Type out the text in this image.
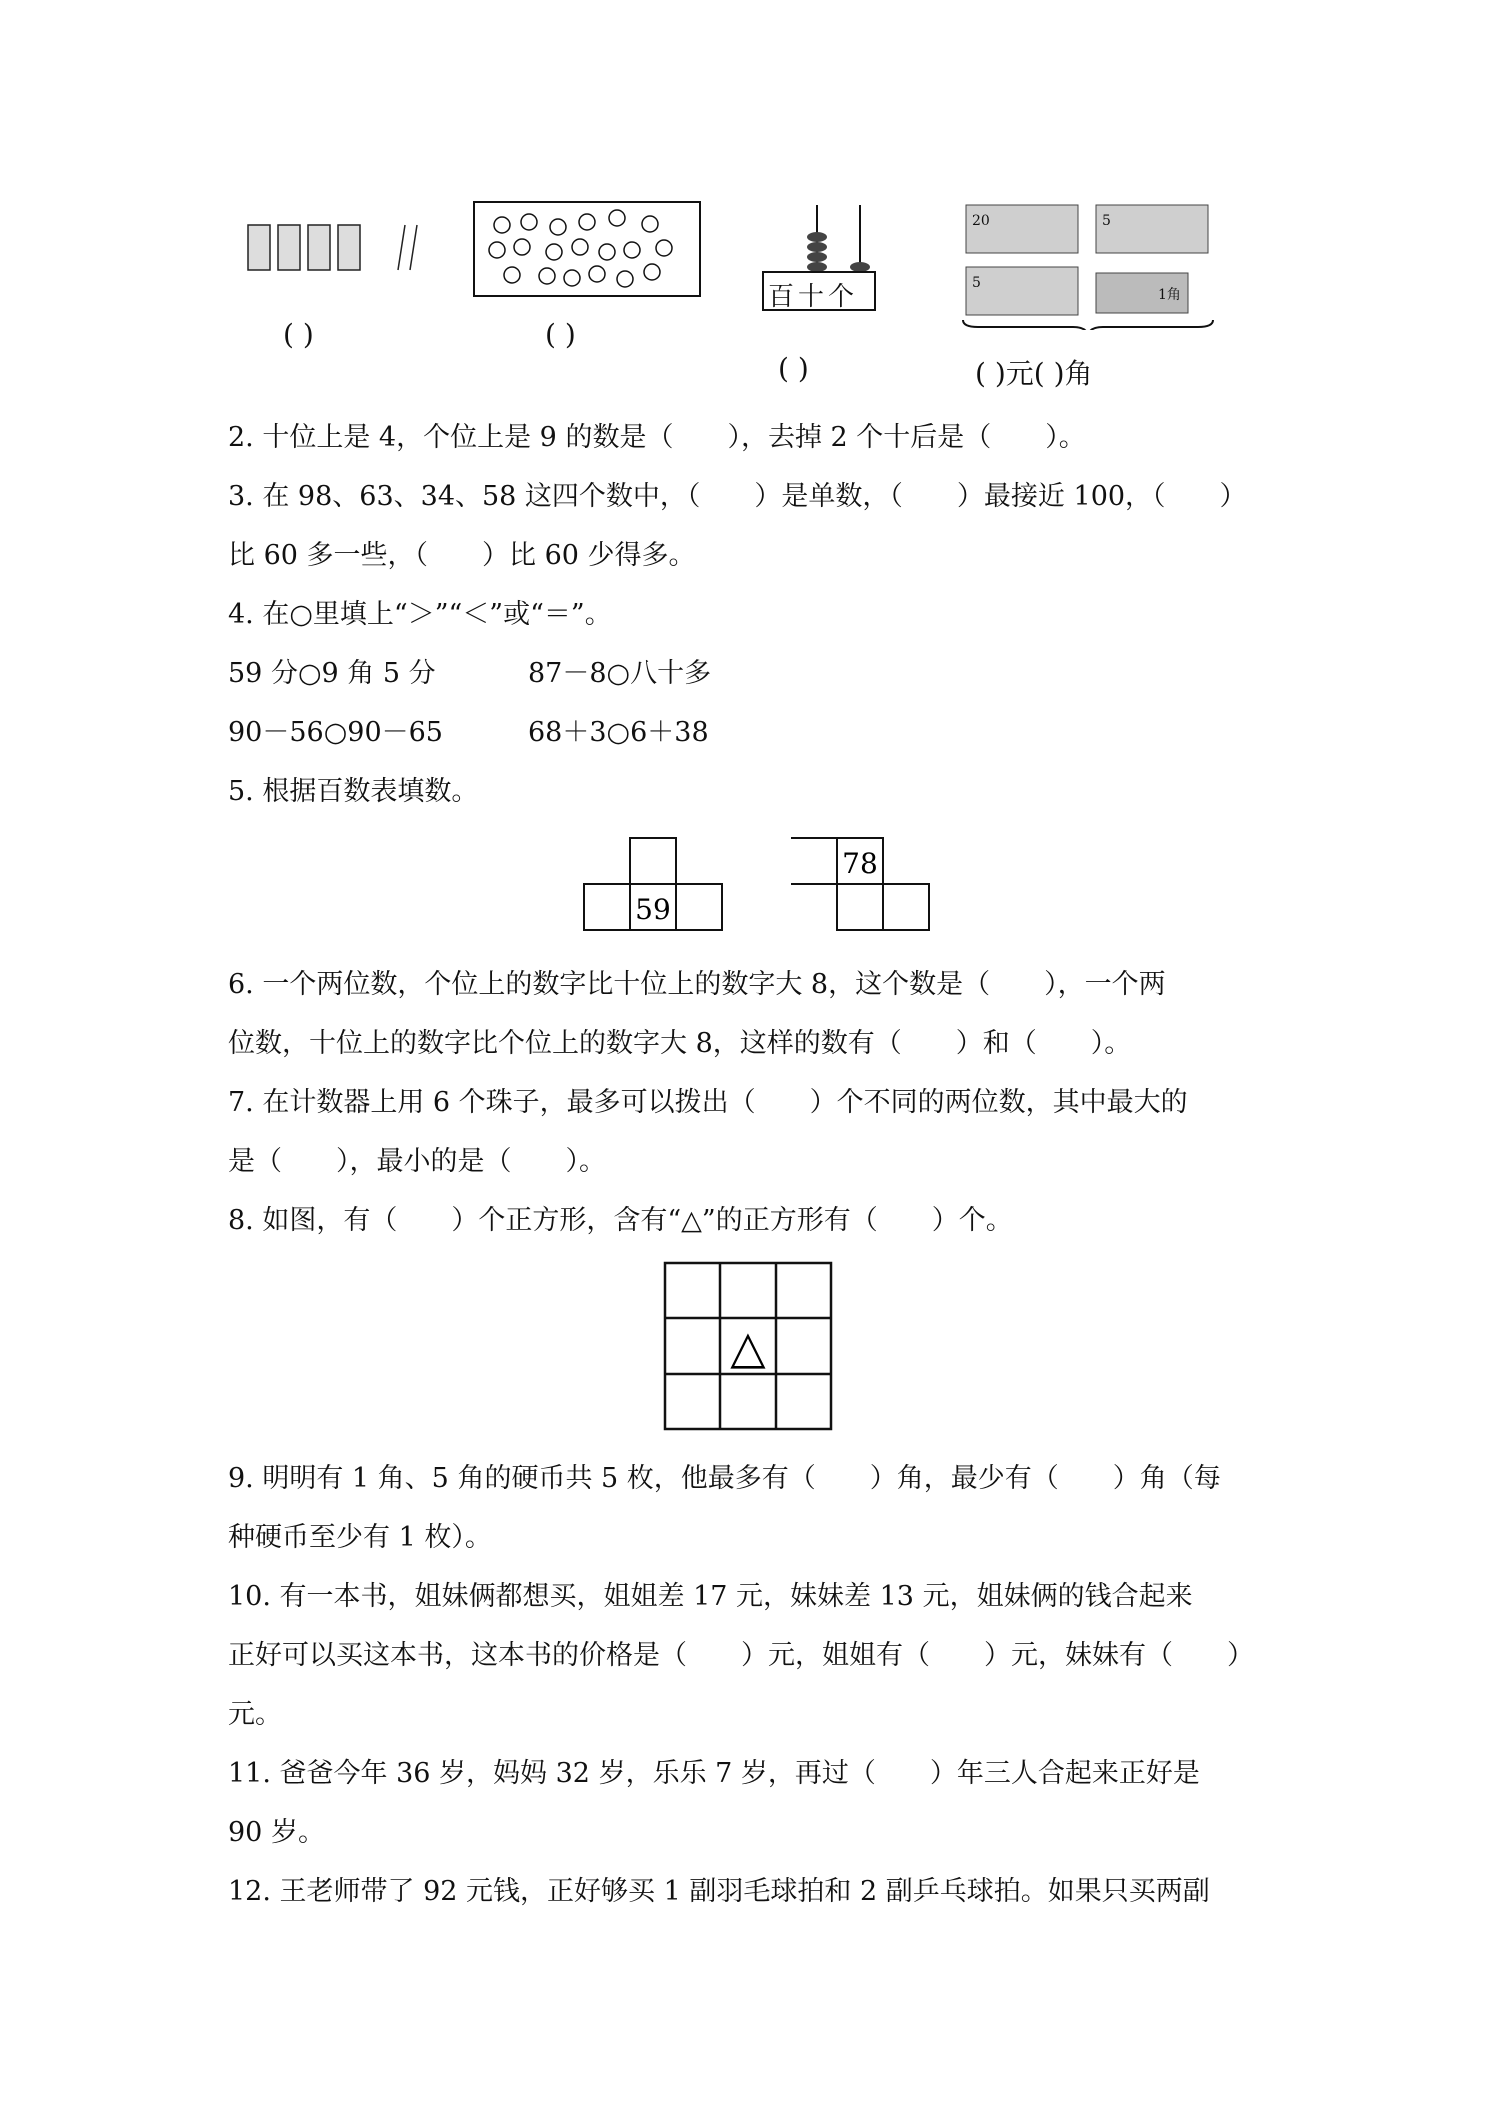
( )	( )
百十个
( )
20	5
5
1角
( )元( )角
2. 十位上是 4，个位上是 9 的数是（　　），去掉 2 个十后是（　　）。
3. 在 98、63、34、58 这四个数中，（　　）是单数，（　　）最接近 100，（　　）
比 60 多一些，（　　）比 60 少得多。
4. 在○里填上“＞”“＜”或“＝”。
59 分○9 角 5 分	87－8○八十多
90－56○90－65	68＋3○6＋38
5. 根据百数表填数。
59
78
6. 一个两位数，个位上的数字比十位上的数字大 8，这个数是（　　），一个两
位数，十位上的数字比个位上的数字大 8，这样的数有（　　）和（　　）。
7. 在计数器上用 6 个珠子，最多可以拨出（　　）个不同的两位数，其中最大的
是（　　），最小的是（　　）。
8. 如图，有（　　）个正方形，含有“△”的正方形有（　　）个。
△
9. 明明有 1 角、5 角的硬币共 5 枚，他最多有（　　）角，最少有（　　）角（每
种硬币至少有 1 枚）。
10. 有一本书，姐妹俩都想买，姐姐差 17 元，妹妹差 13 元，姐妹俩的钱合起来
正好可以买这本书，这本书的价格是（　　）元，姐姐有（　　）元，妹妹有（　　）
元。
11. 爸爸今年 36 岁，妈妈 32 岁，乐乐 7 岁，再过（　　）年三人合起来正好是
90 岁。
12. 王老师带了 92 元钱，正好够买 1 副羽毛球拍和 2 副乒乓球拍。如果只买两副
